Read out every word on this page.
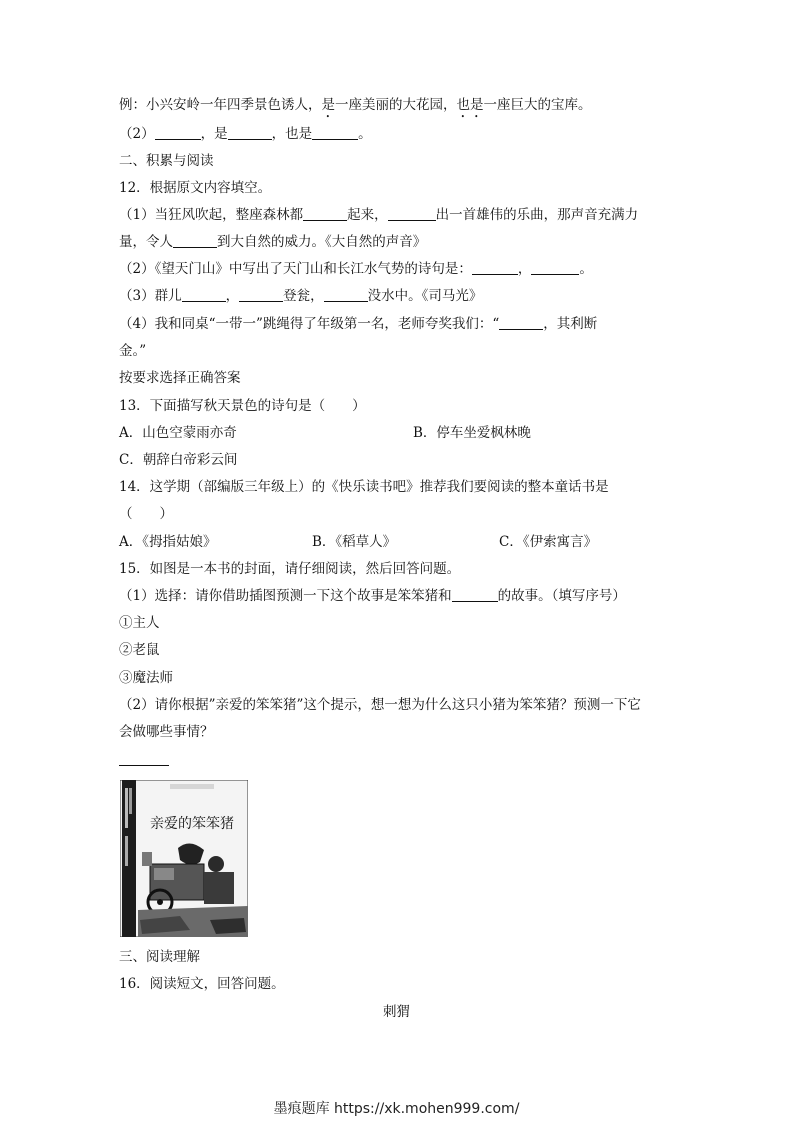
例：小兴安岭一年四季景色诱人，是一座美丽的大花园，也是一座巨大的宝库。
（2）	，是	，也是	。
二、积累与阅读
12．根据原文内容填空。
（1）当狂风吹起，整座森林都	起来，	出一首雄伟的乐曲，那声音充满力
量，令人	到大自然的威力。《大自然的声音》
（2）《望天门山》中写出了天门山和长江水气势的诗句是：	，	。
（3）群儿	，	登瓮，	没水中。《司马光》
（4）我和同桌“一带一”跳绳得了年级第一名，老师夸奖我们：“	，其利断
金。”
按要求选择正确答案
13．下面描写秋天景色的诗句是（　　）
A．山色空蒙雨亦奇	B．停车坐爱枫林晚
C．朝辞白帝彩云间
14．这学期（部编版三年级上）的《快乐读书吧》推荐我们要阅读的整本童话书是
（　　）
A．《拇指姑娘》	B．《稻草人》	C．《伊索寓言》
15．如图是一本书的封面，请仔细阅读，然后回答问题。
（1）选择：请你借助插图预测一下这个故事是笨笨猪和	的故事。（填写序号）
①主人
②老鼠
③魔法师
（2）请你根据”亲爱的笨笨猪”这个提示，想一想为什么这只小猪为笨笨猪？预测一下它
会做哪些事情？
亲爱的笨笨猪
三、阅读理解
16．阅读短文，回答问题。
刺猬
墨痕题库 https://xk.mohen999.com/
